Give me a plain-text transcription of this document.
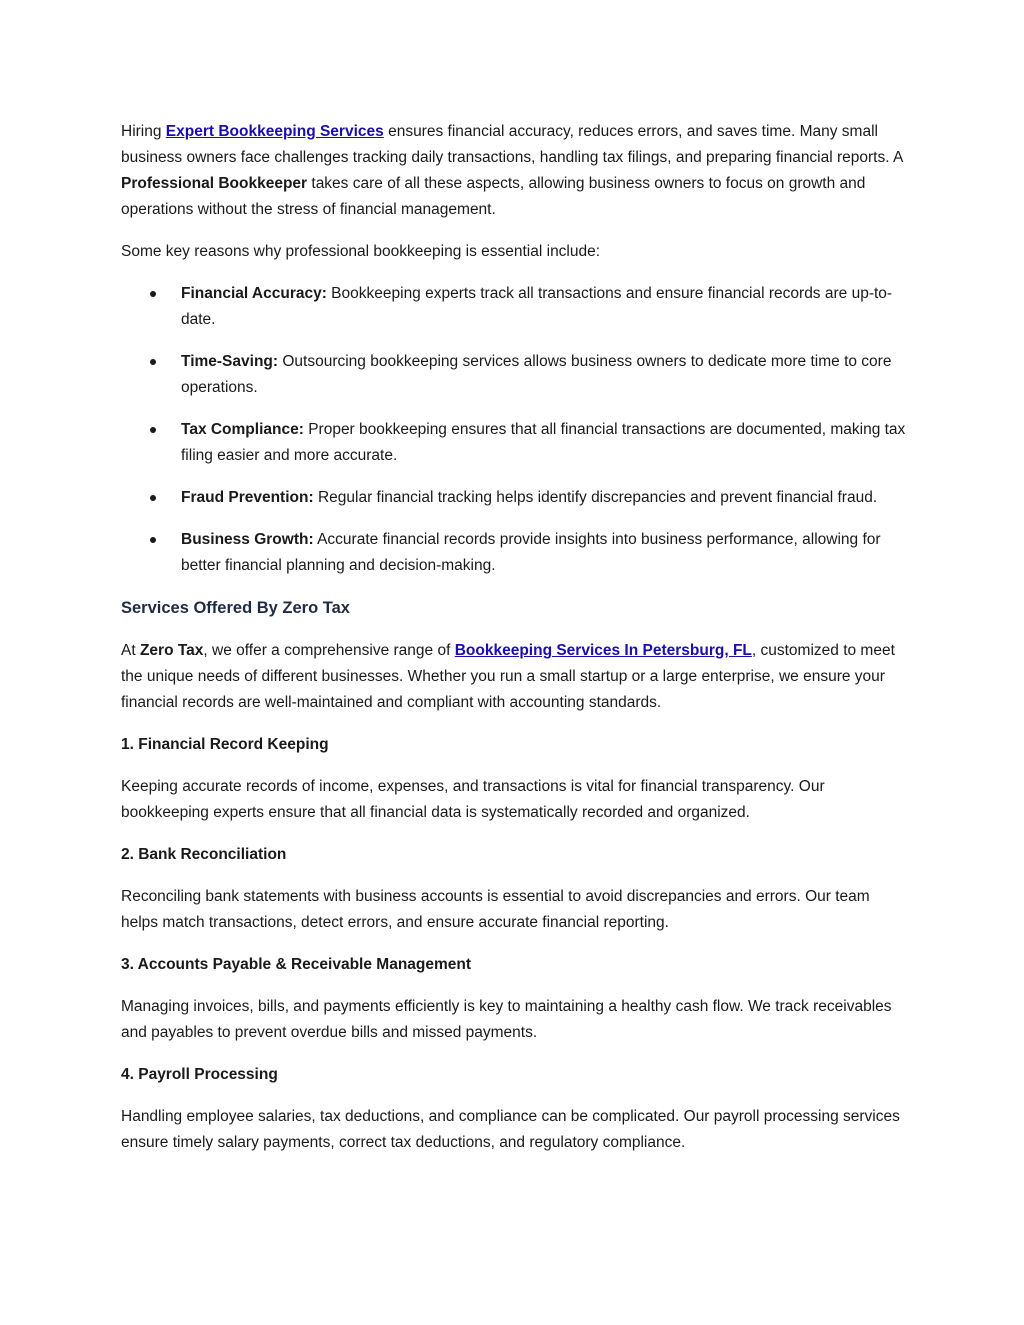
Hiring Expert Bookkeeping Services ensures financial accuracy, reduces errors, and saves time. Many small business owners face challenges tracking daily transactions, handling tax filings, and preparing financial reports. A Professional Bookkeeper takes care of all these aspects, allowing business owners to focus on growth and operations without the stress of financial management.

Some key reasons why professional bookkeeping is essential include:

Financial Accuracy: Bookkeeping experts track all transactions and ensure financial records are up-to-date.
Time-Saving: Outsourcing bookkeeping services allows business owners to dedicate more time to core operations.
Tax Compliance: Proper bookkeeping ensures that all financial transactions are documented, making tax filing easier and more accurate.
Fraud Prevention: Regular financial tracking helps identify discrepancies and prevent financial fraud.
Business Growth: Accurate financial records provide insights into business performance, allowing for better financial planning and decision-making.
Services Offered By Zero Tax

At Zero Tax, we offer a comprehensive range of Bookkeeping Services In Petersburg, FL, customized to meet the unique needs of different businesses. Whether you run a small startup or a large enterprise, we ensure your financial records are well-maintained and compliant with accounting standards.

1. Financial Record Keeping

Keeping accurate records of income, expenses, and transactions is vital for financial transparency. Our bookkeeping experts ensure that all financial data is systematically recorded and organized.

2. Bank Reconciliation

Reconciling bank statements with business accounts is essential to avoid discrepancies and errors. Our team helps match transactions, detect errors, and ensure accurate financial reporting.

3. Accounts Payable & Receivable Management

Managing invoices, bills, and payments efficiently is key to maintaining a healthy cash flow. We track receivables and payables to prevent overdue bills and missed payments.

4. Payroll Processing

Handling employee salaries, tax deductions, and compliance can be complicated. Our payroll processing services ensure timely salary payments, correct tax deductions, and regulatory compliance.
